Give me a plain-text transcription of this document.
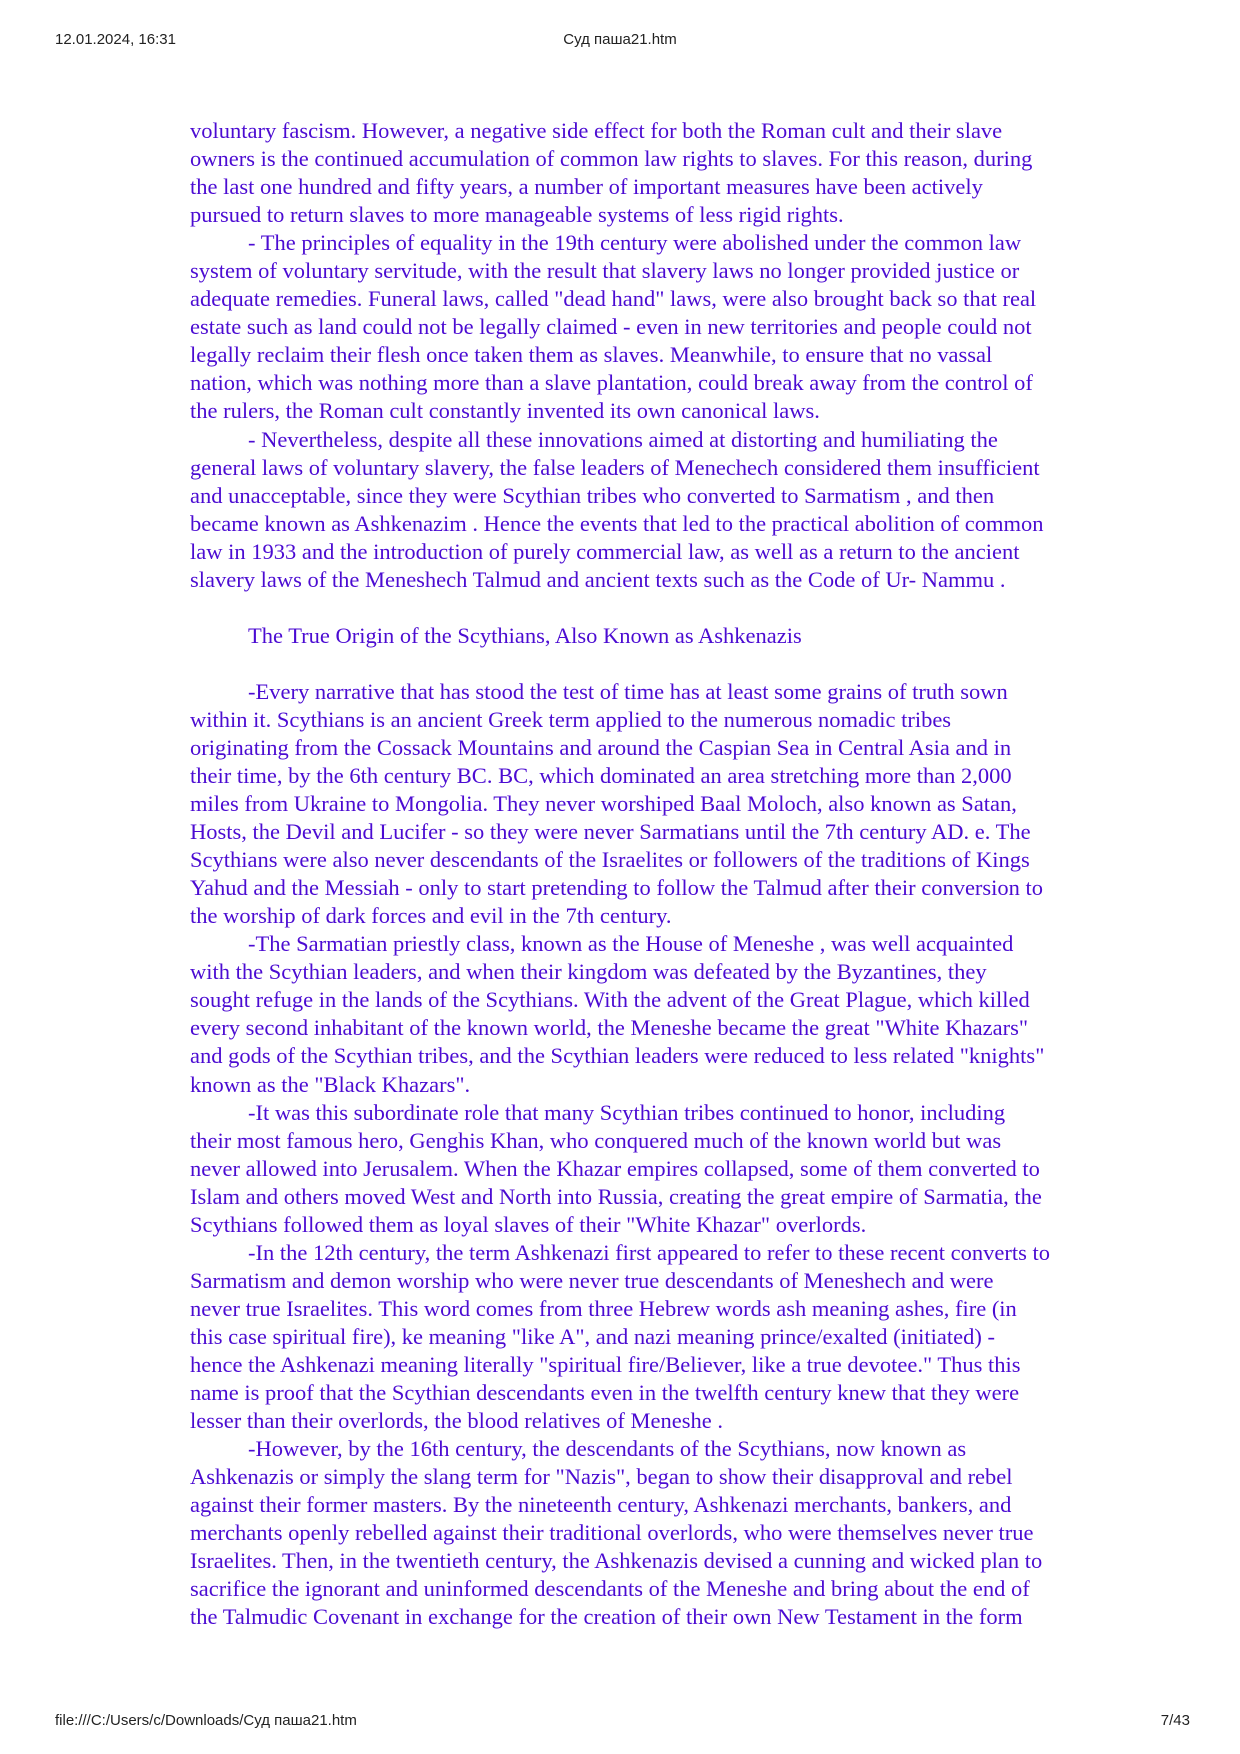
12.01.2024, 16:31	Суд паша21.htm

voluntary fascism. However, a negative side effect for both the Roman cult and their slave
owners is the continued accumulation of common law rights to slaves. For this reason, during
the last one hundred and fifty years, a number of important measures have been actively
pursued to return slaves to more manageable systems of less rigid rights.

- The principles of equality in the 19th century were abolished under the common law
system of voluntary servitude, with the result that slavery laws no longer provided justice or
adequate remedies. Funeral laws, called "dead hand" laws, were also brought back so that real
estate such as land could not be legally claimed - even in new territories and people could not
legally reclaim their flesh once taken them as slaves. Meanwhile, to ensure that no vassal
nation, which was nothing more than a slave plantation, could break away from the control of
the rulers, the Roman cult constantly invented its own canonical laws.

- Nevertheless, despite all these innovations aimed at distorting and humiliating the
general laws of voluntary slavery, the false leaders of Menechech considered them insufficient
and unacceptable, since they were Scythian tribes who converted to Sarmatism , and then
became known as Ashkenazim . Hence the events that led to the practical abolition of common
law in 1933 and the introduction of purely commercial law, as well as a return to the ancient
slavery laws of the Meneshech Talmud and ancient texts such as the Code of Ur- Nammu .

The True Origin of the Scythians, Also Known as Ashkenazis

-Every narrative that has stood the test of time has at least some grains of truth sown
within it. Scythians is an ancient Greek term applied to the numerous nomadic tribes
originating from the Cossack Mountains and around the Caspian Sea in Central Asia and in
their time, by the 6th century BC. BC, which dominated an area stretching more than 2,000
miles from Ukraine to Mongolia. They never worshiped Baal Moloch, also known as Satan,
Hosts, the Devil and Lucifer - so they were never Sarmatians until the 7th century AD. e. The
Scythians were also never descendants of the Israelites or followers of the traditions of Kings
Yahud and the Messiah - only to start pretending to follow the Talmud after their conversion to
the worship of dark forces and evil in the 7th century.

-The Sarmatian priestly class, known as the House of Meneshe , was well acquainted
with the Scythian leaders, and when their kingdom was defeated by the Byzantines, they
sought refuge in the lands of the Scythians. With the advent of the Great Plague, which killed
every second inhabitant of the known world, the Meneshe became the great "White Khazars"
and gods of the Scythian tribes, and the Scythian leaders were reduced to less related "knights"
known as the "Black Khazars".

-It was this subordinate role that many Scythian tribes continued to honor, including
their most famous hero, Genghis Khan, who conquered much of the known world but was
never allowed into Jerusalem. When the Khazar empires collapsed, some of them converted to
Islam and others moved West and North into Russia, creating the great empire of Sarmatia, the
Scythians followed them as loyal slaves of their "White Khazar" overlords.

-In the 12th century, the term Ashkenazi first appeared to refer to these recent converts to
Sarmatism and demon worship who were never true descendants of Meneshech and were
never true Israelites. This word comes from three Hebrew words ash meaning ashes, fire (in
this case spiritual fire), ke meaning "like A", and nazi meaning prince/exalted (initiated) -
hence the Ashkenazi meaning literally "spiritual fire/Believer, like a true devotee." Thus this
name is proof that the Scythian descendants even in the twelfth century knew that they were
lesser than their overlords, the blood relatives of Meneshe .

-However, by the 16th century, the descendants of the Scythians, now known as
Ashkenazis or simply the slang term for "Nazis", began to show their disapproval and rebel
against their former masters. By the nineteenth century, Ashkenazi merchants, bankers, and
merchants openly rebelled against their traditional overlords, who were themselves never true
Israelites. Then, in the twentieth century, the Ashkenazis devised a cunning and wicked plan to
sacrifice the ignorant and uninformed descendants of the Meneshe and bring about the end of
the Talmudic Covenant in exchange for the creation of their own New Testament in the form

file:///C:/Users/c/Downloads/Суд паша21.htm	7/43
